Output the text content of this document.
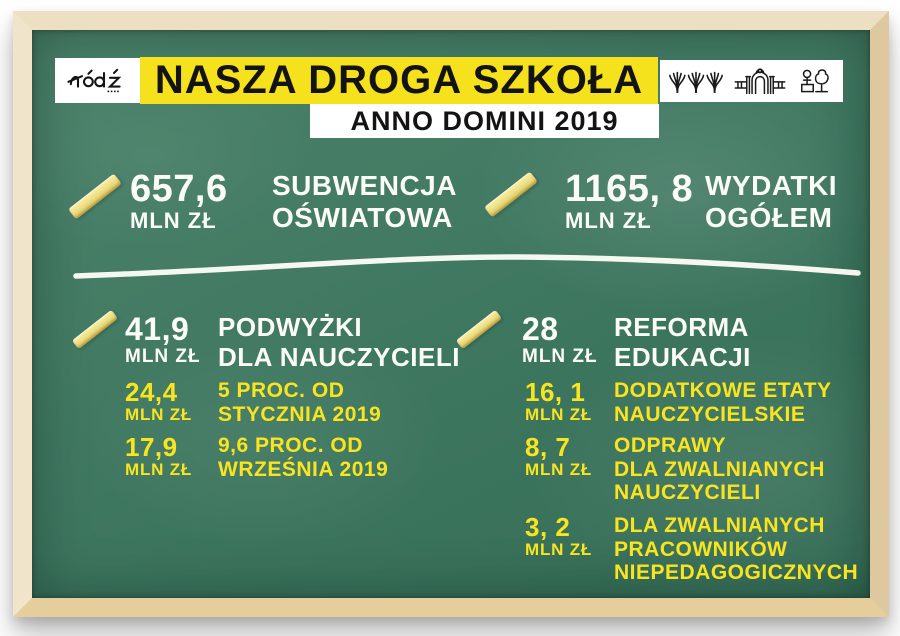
NASZA DROGA SZKOŁA
ANNO DOMINI 2019
657,6
MLN ZŁ
SUBWENCJA
OŚWIATOWA
1165, 8
MLN ZŁ
WYDATKI
OGÓŁEM
41,9
MLN ZŁ
PODWYŻKI
DLA NAUCZYCIELI
24,4
MLN ZŁ
5 PROC. OD
STYCZNIA 2019
17,9
MLN ZŁ
9,6 PROC. OD
WRZEŚNIA 2019
28
MLN ZŁ
REFORMA
EDUKACJI
16, 1
MLN ZŁ
DODATKOWE ETATY
NAUCZYCIELSKIE
8, 7
MLN ZŁ
ODPRAWY
DLA ZWALNIANYCH
NAUCZYCIELI
3, 2
MLN ZŁ
DLA ZWALNIANYCH
PRACOWNIKÓW
NIEPEDAGOGICZNYCH
